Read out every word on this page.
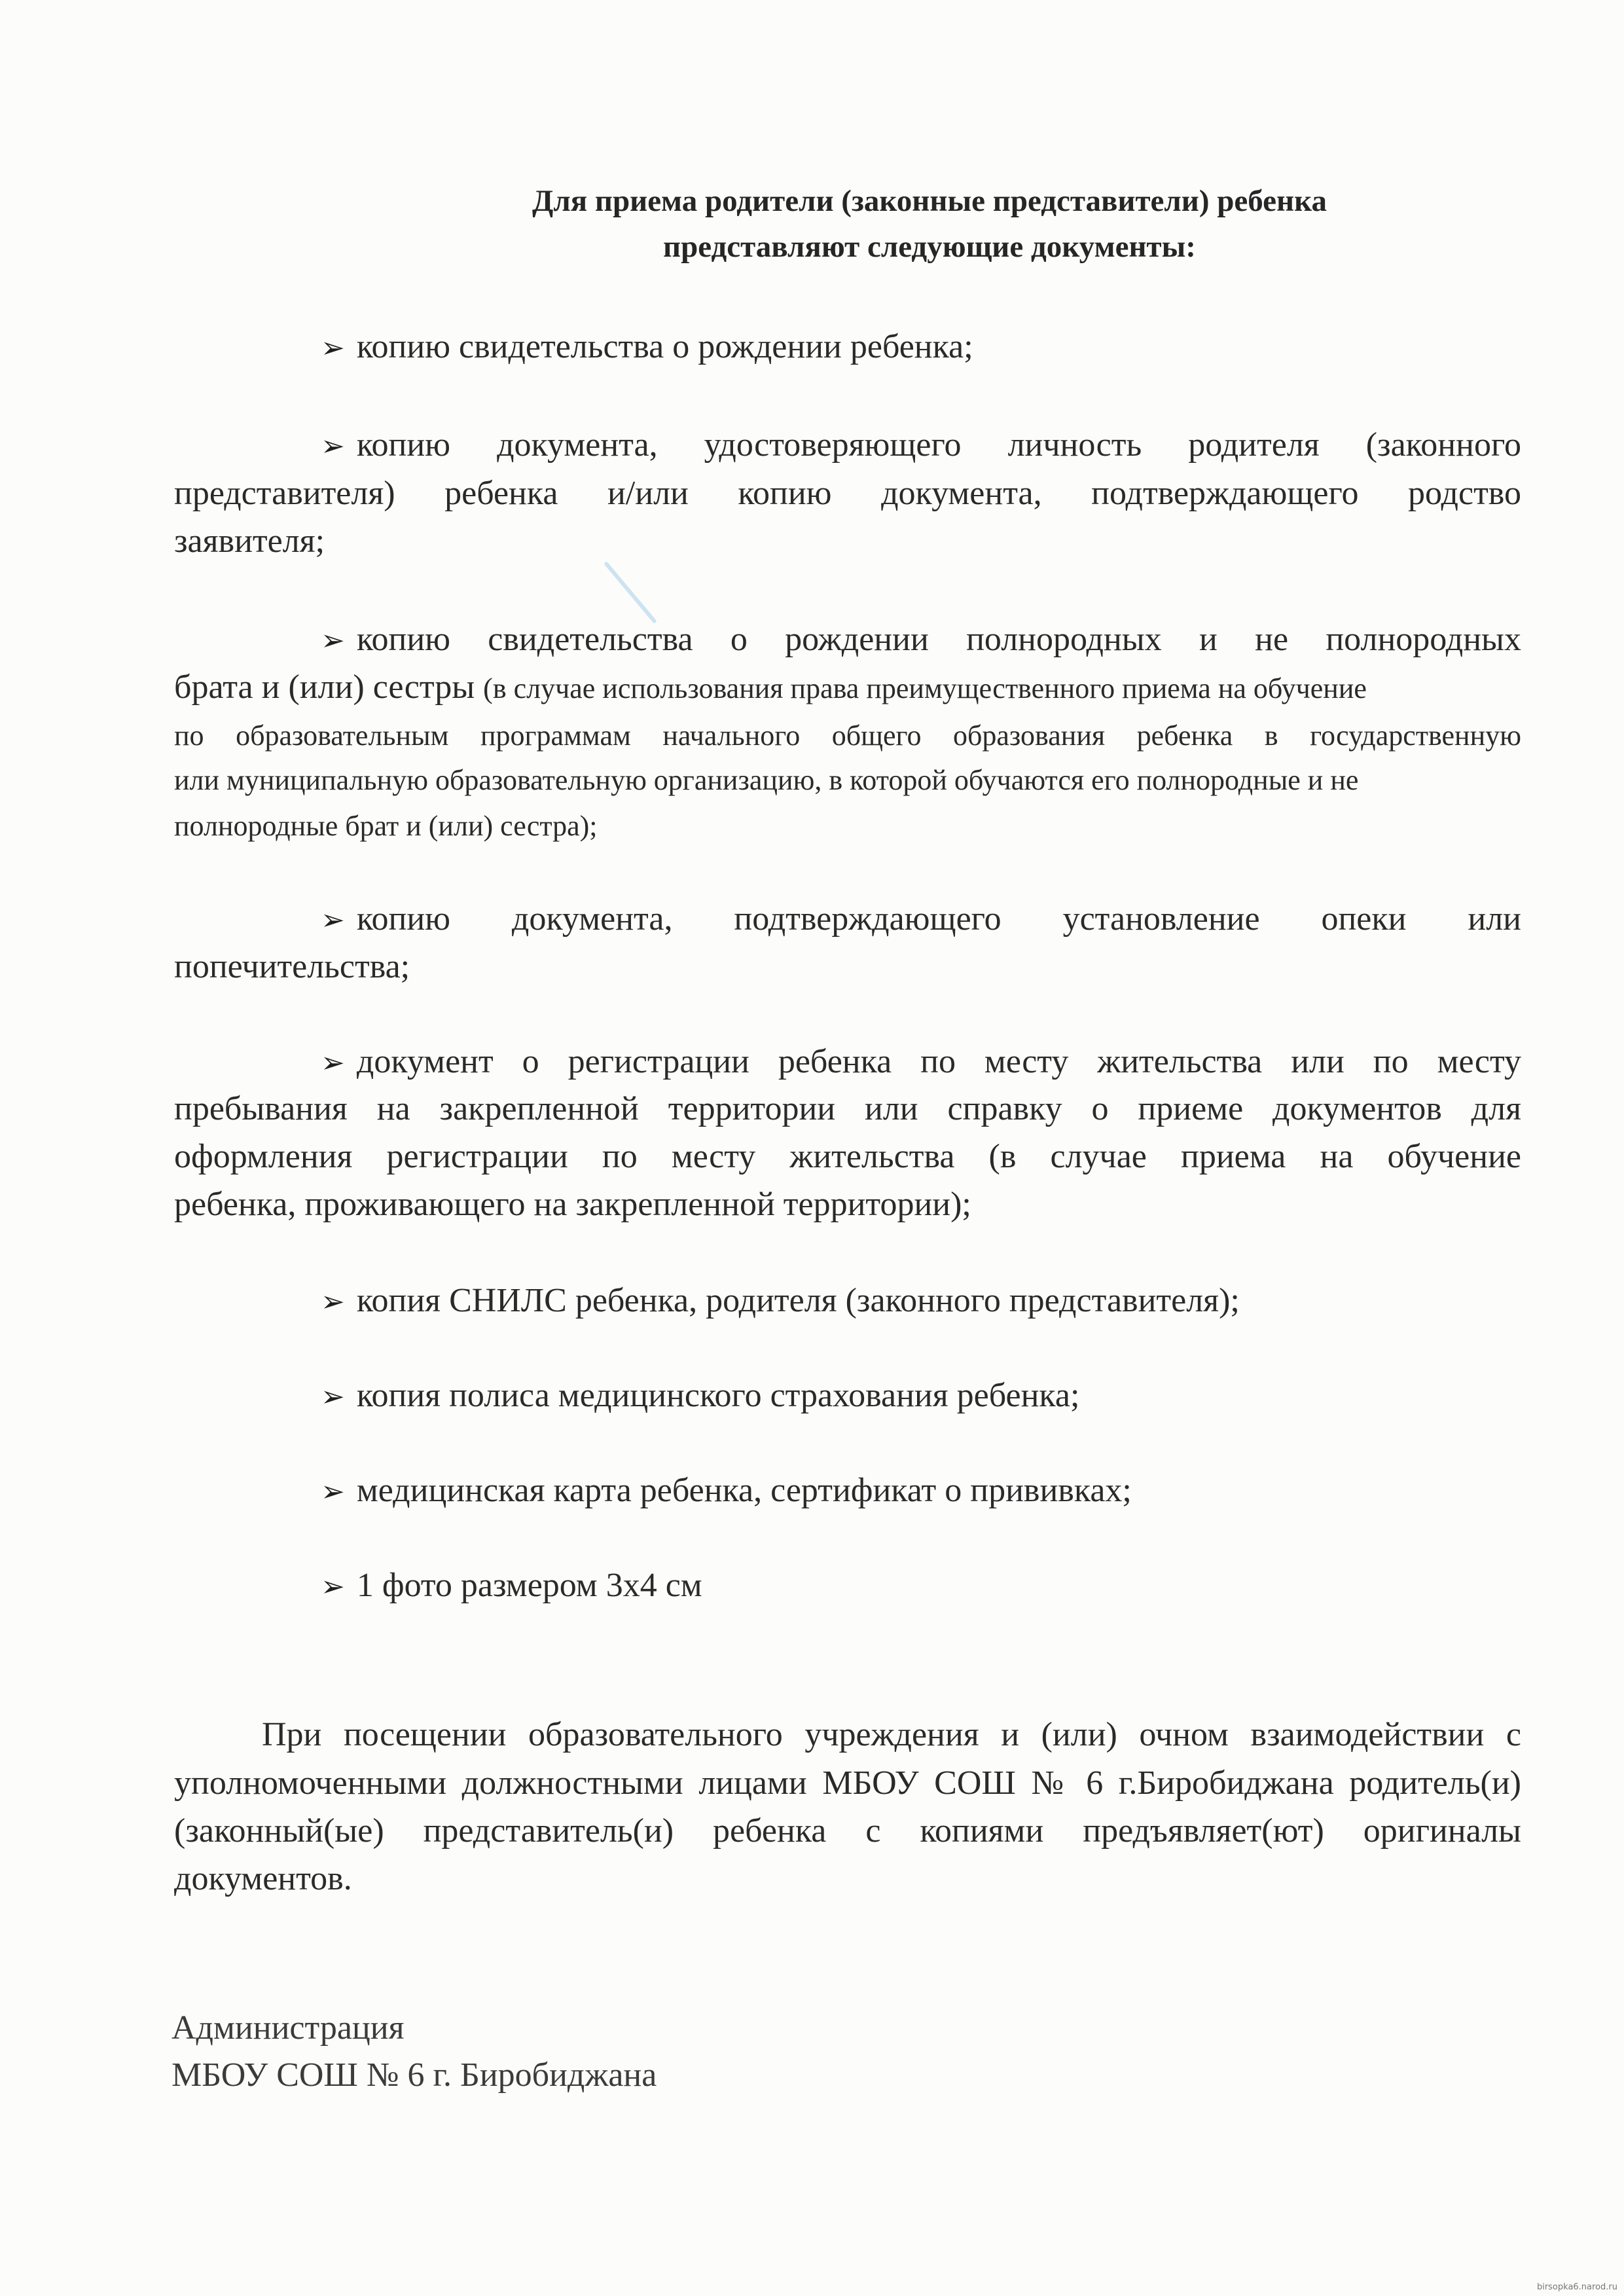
Для приема родители (законные представители) ребенка
представляют следующие документы:

➢ копию свидетельства о рождении ребенка;

➢ копию документа, удостоверяющего личность родителя (законного

представителя) ребенка и/или копию документа, подтверждающего родство

заявителя;

➢ копию свидетельства о рождении полнородных и не полнородных

брата и (или) сестры (в случае использования права преимущественного приема на обучение

по образовательным программам начального общего образования ребенка в государственную

или муниципальную образовательную организацию, в которой обучаются его полнородные и не

полнородные брат и (или) сестра);

➢ копию документа, подтверждающего установление опеки или

попечительства;

➢ документ о регистрации ребенка по месту жительства или по месту

пребывания на закрепленной территории или справку о приеме документов для

оформления регистрации по месту жительства (в случае приема на обучение

ребенка, проживающего на закрепленной территории);

➢ копия СНИЛС ребенка, родителя (законного представителя);

➢ копия полиса медицинского страхования ребенка;

➢ медицинская карта ребенка, сертификат о прививках;

➢ 1 фото размером 3х4 см

При посещении образовательного учреждения и (или) очном взаимодействии с

уполномоченными должностными лицами МБОУ СОШ № 6 г.Биробиджана родитель(и)

(законный(ые) представитель(и) ребенка с копиями предъявляет(ют) оригиналы

документов.

Администрация

МБОУ СОШ № 6 г. Биробиджана

birsopka6.narod.ru
